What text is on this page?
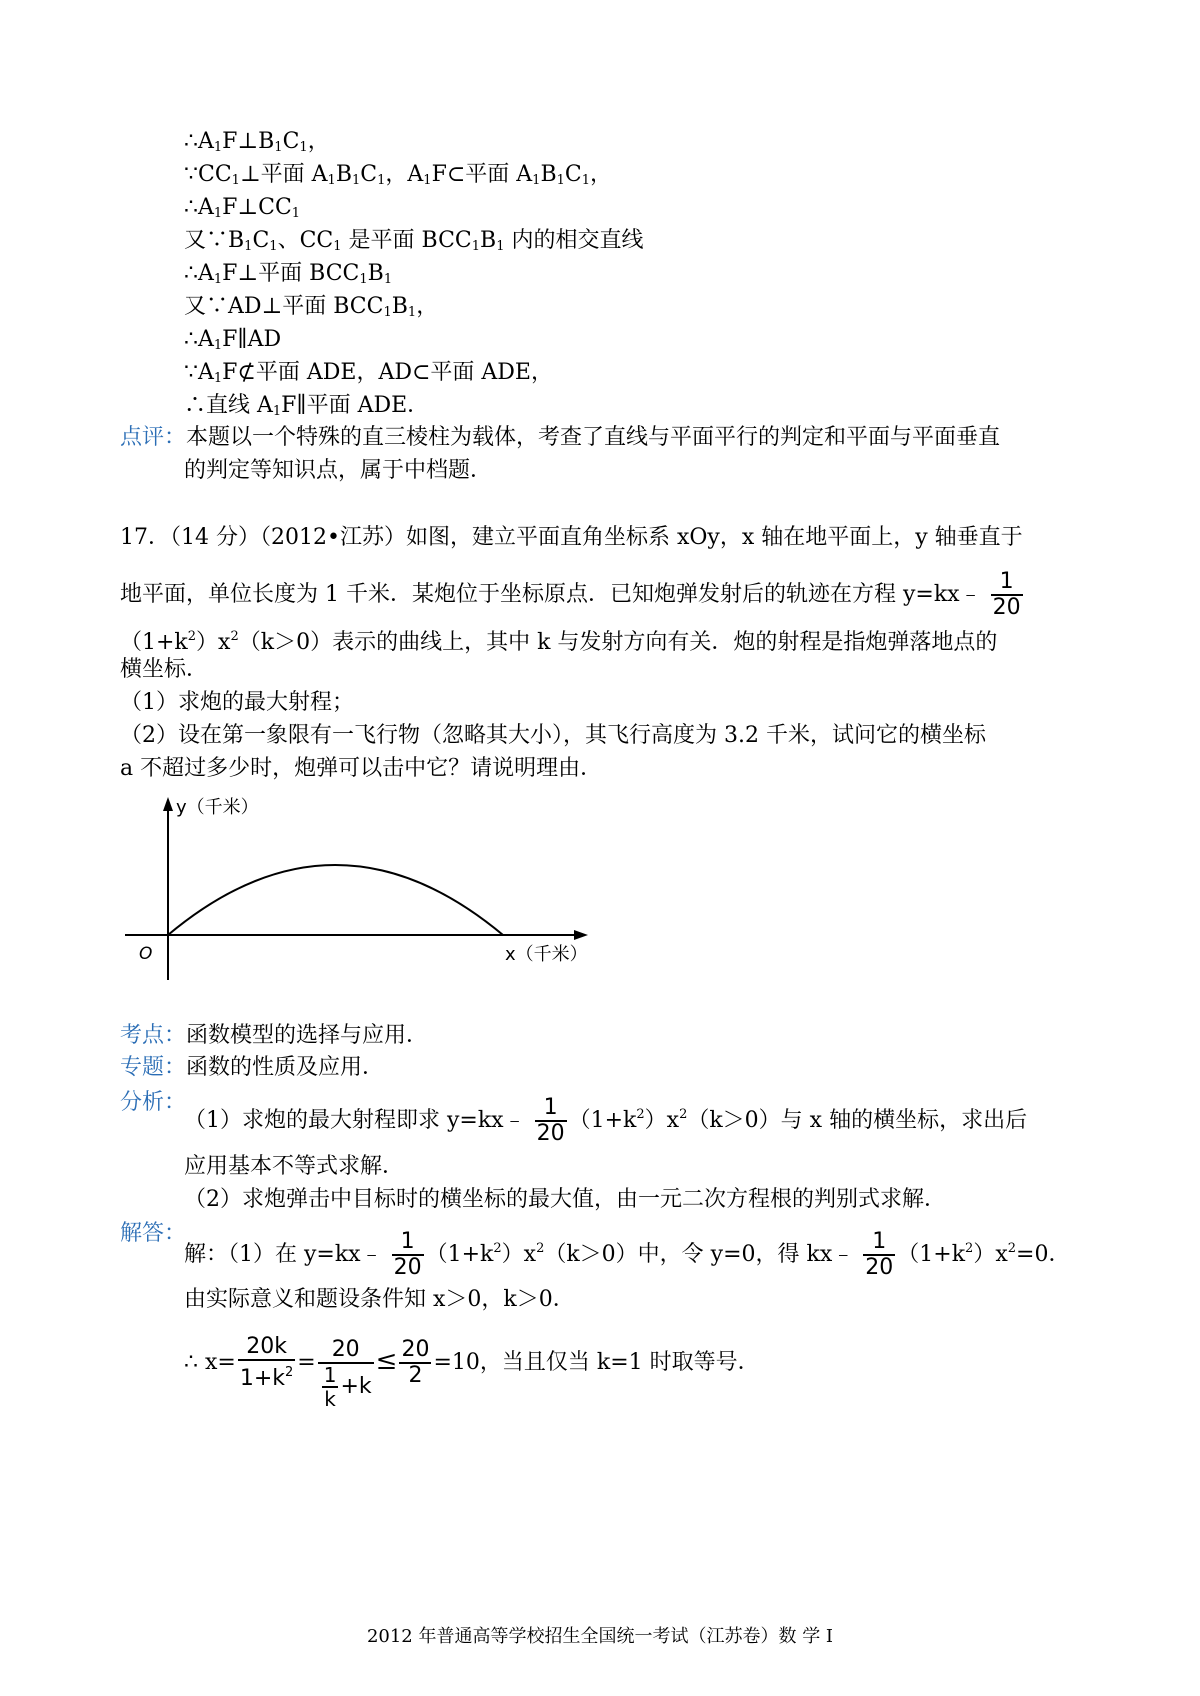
$\therefore A_1F\perp B_1C_1$，
$\because CC_1\perp$平面 $A_1B_1C_1$，$A_1F\subset$平面 $A_1B_1C_1$，
$\therefore A_1F\perp CC_1$
又$\because B_1C_1$、$CC_1$ 是平面 $BCC_1B_1$ 内的相交直线
$\therefore A_1F\perp$平面 $BCC_1B_1$
又∵AD⊥平面 $BCC_1B_1$，
$\therefore A_1F\parallel AD$
$\because A_1F⊄$平面 ADE，AD⊂平面 ADE，
∴直线 $A_1F\parallel$平面 ADE．
点评：本题以一个特殊的直三棱柱为载体，考查了直线与平面平行的判定和平面与平面垂直
的判定等知识点，属于中档题．
17．（14 分）（2012•江苏）如图，建立平面直角坐标系 xOy，x 轴在地平面上，y 轴垂直于
地平面，单位长度为 1 千米．某炮位于坐标原点．已知炮弹发射后的轨迹在方程 y=kx﹣ $\frac{1}{20}$
$(1+k^2)x^2(k>0)$表示的曲线上，其中 k 与发射方向有关．炮的射程是指炮弹落地点的
横坐标．
（1）求炮的最大射程；
（2）设在第一象限有一飞行物（忽略其大小），其飞行高度为 3.2 千米，试问它的横坐标
a 不超过多少时，炮弹可以击中它？请说明理由．
O	x（千米）
y（千米）
考点：函数模型的选择与应用．
专题：函数的性质及应用．
分析：
（1）求炮的最大射程即求 y=kx﹣ $\frac{1}{20} (1+k^2)x^2(k>0)$与 x 轴的横坐标，求出后
应用基本不等式求解．
（2）求炮弹击中目标时的横坐标的最大值，由一元二次方程根的判别式求解．
解答：
解：（1）在 y=kx﹣ $\frac{1}{20} (1+k^2)x^2(k>0)$中，令 y=0，得 kx﹣ $\frac{1}{20} (1+k^2)x^2=0$．
由实际意义和题设条件知 x＞0，k＞0．
∴ $x= \frac{20k}{1+k^2} = \frac{20}{\frac{1}{k} +k} \le \frac{20}{2} =10$，当且仅当 k=1 时取等号．
2012 年普通高等学校招生全国统一考试（江苏卷）数 学 I
